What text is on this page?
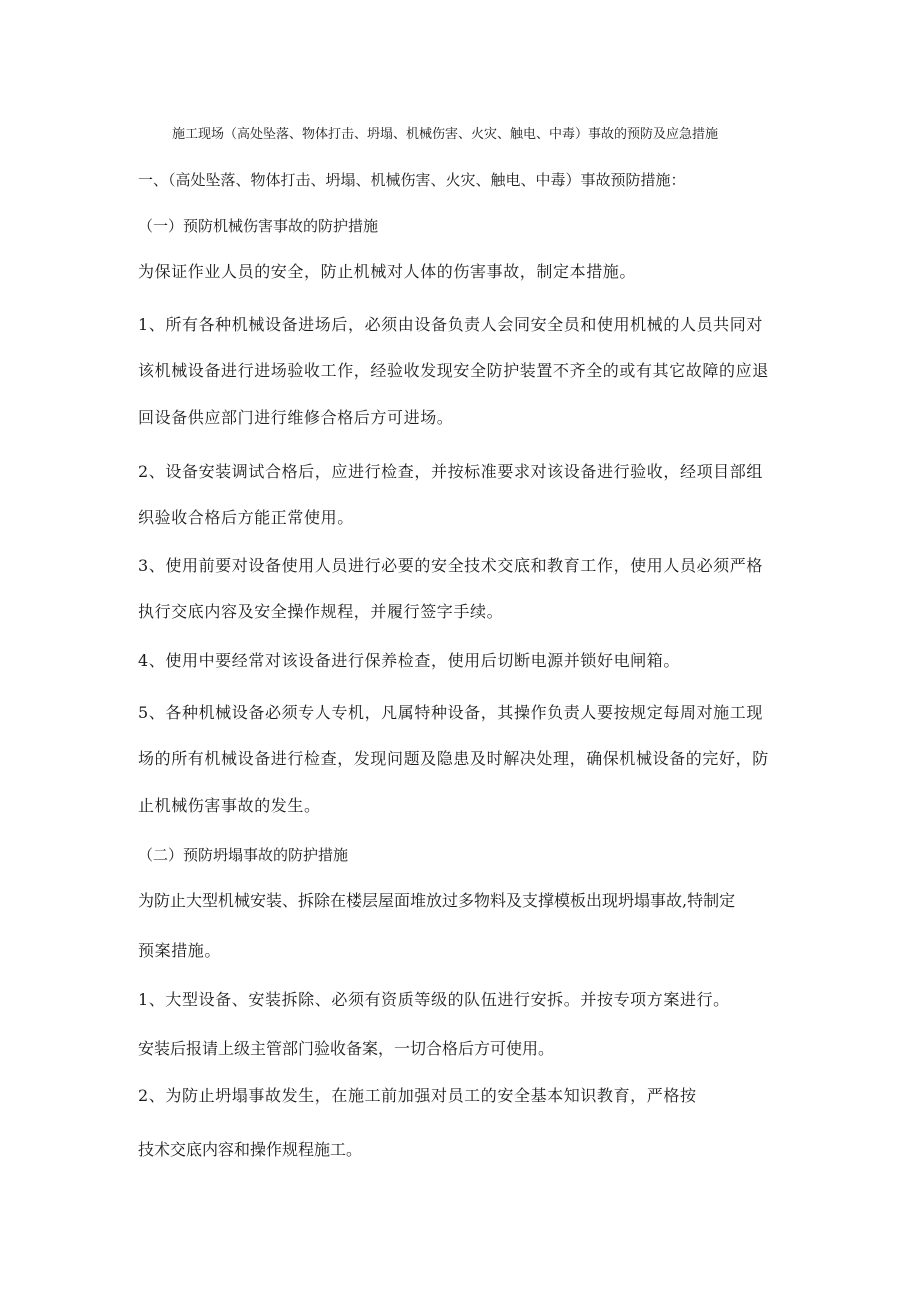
施工现场（高处坠落、物体打击、坍塌、机械伤害、火灾、触电、中毒）事故的预防及应急措施
一、（高处坠落、物体打击、坍塌、机械伤害、火灾、触电、中毒）事故预防措施：
（一）预防机械伤害事故的防护措施
为保证作业人员的安全，防止机械对人体的伤害事故，制定本措施。
1、所有各种机械设备进场后，必须由设备负责人会同安全员和使用机械的人员共同对
该机械设备进行进场验收工作，经验收发现安全防护装置不齐全的或有其它故障的应退
回设备供应部门进行维修合格后方可进场。
2、设备安装调试合格后，应进行检查，并按标准要求对该设备进行验收，经项目部组
织验收合格后方能正常使用。
3、使用前要对设备使用人员进行必要的安全技术交底和教育工作，使用人员必须严格
执行交底内容及安全操作规程，并履行签字手续。
4、使用中要经常对该设备进行保养检查，使用后切断电源并锁好电闸箱。
5、各种机械设备必须专人专机，凡属特种设备，其操作负责人要按规定每周对施工现
场的所有机械设备进行检查，发现问题及隐患及时解决处理，确保机械设备的完好，防
止机械伤害事故的发生。
（二）预防坍塌事故的防护措施
为防止大型机械安装、拆除在楼层屋面堆放过多物料及支撑模板出现坍塌事故,特制定
预案措施。
1、大型设备、安装拆除、必须有资质等级的队伍进行安拆。并按专项方案进行。
安装后报请上级主管部门验收备案，一切合格后方可使用。
2、为防止坍塌事故发生，在施工前加强对员工的安全基本知识教育，严格按
技术交底内容和操作规程施工。
